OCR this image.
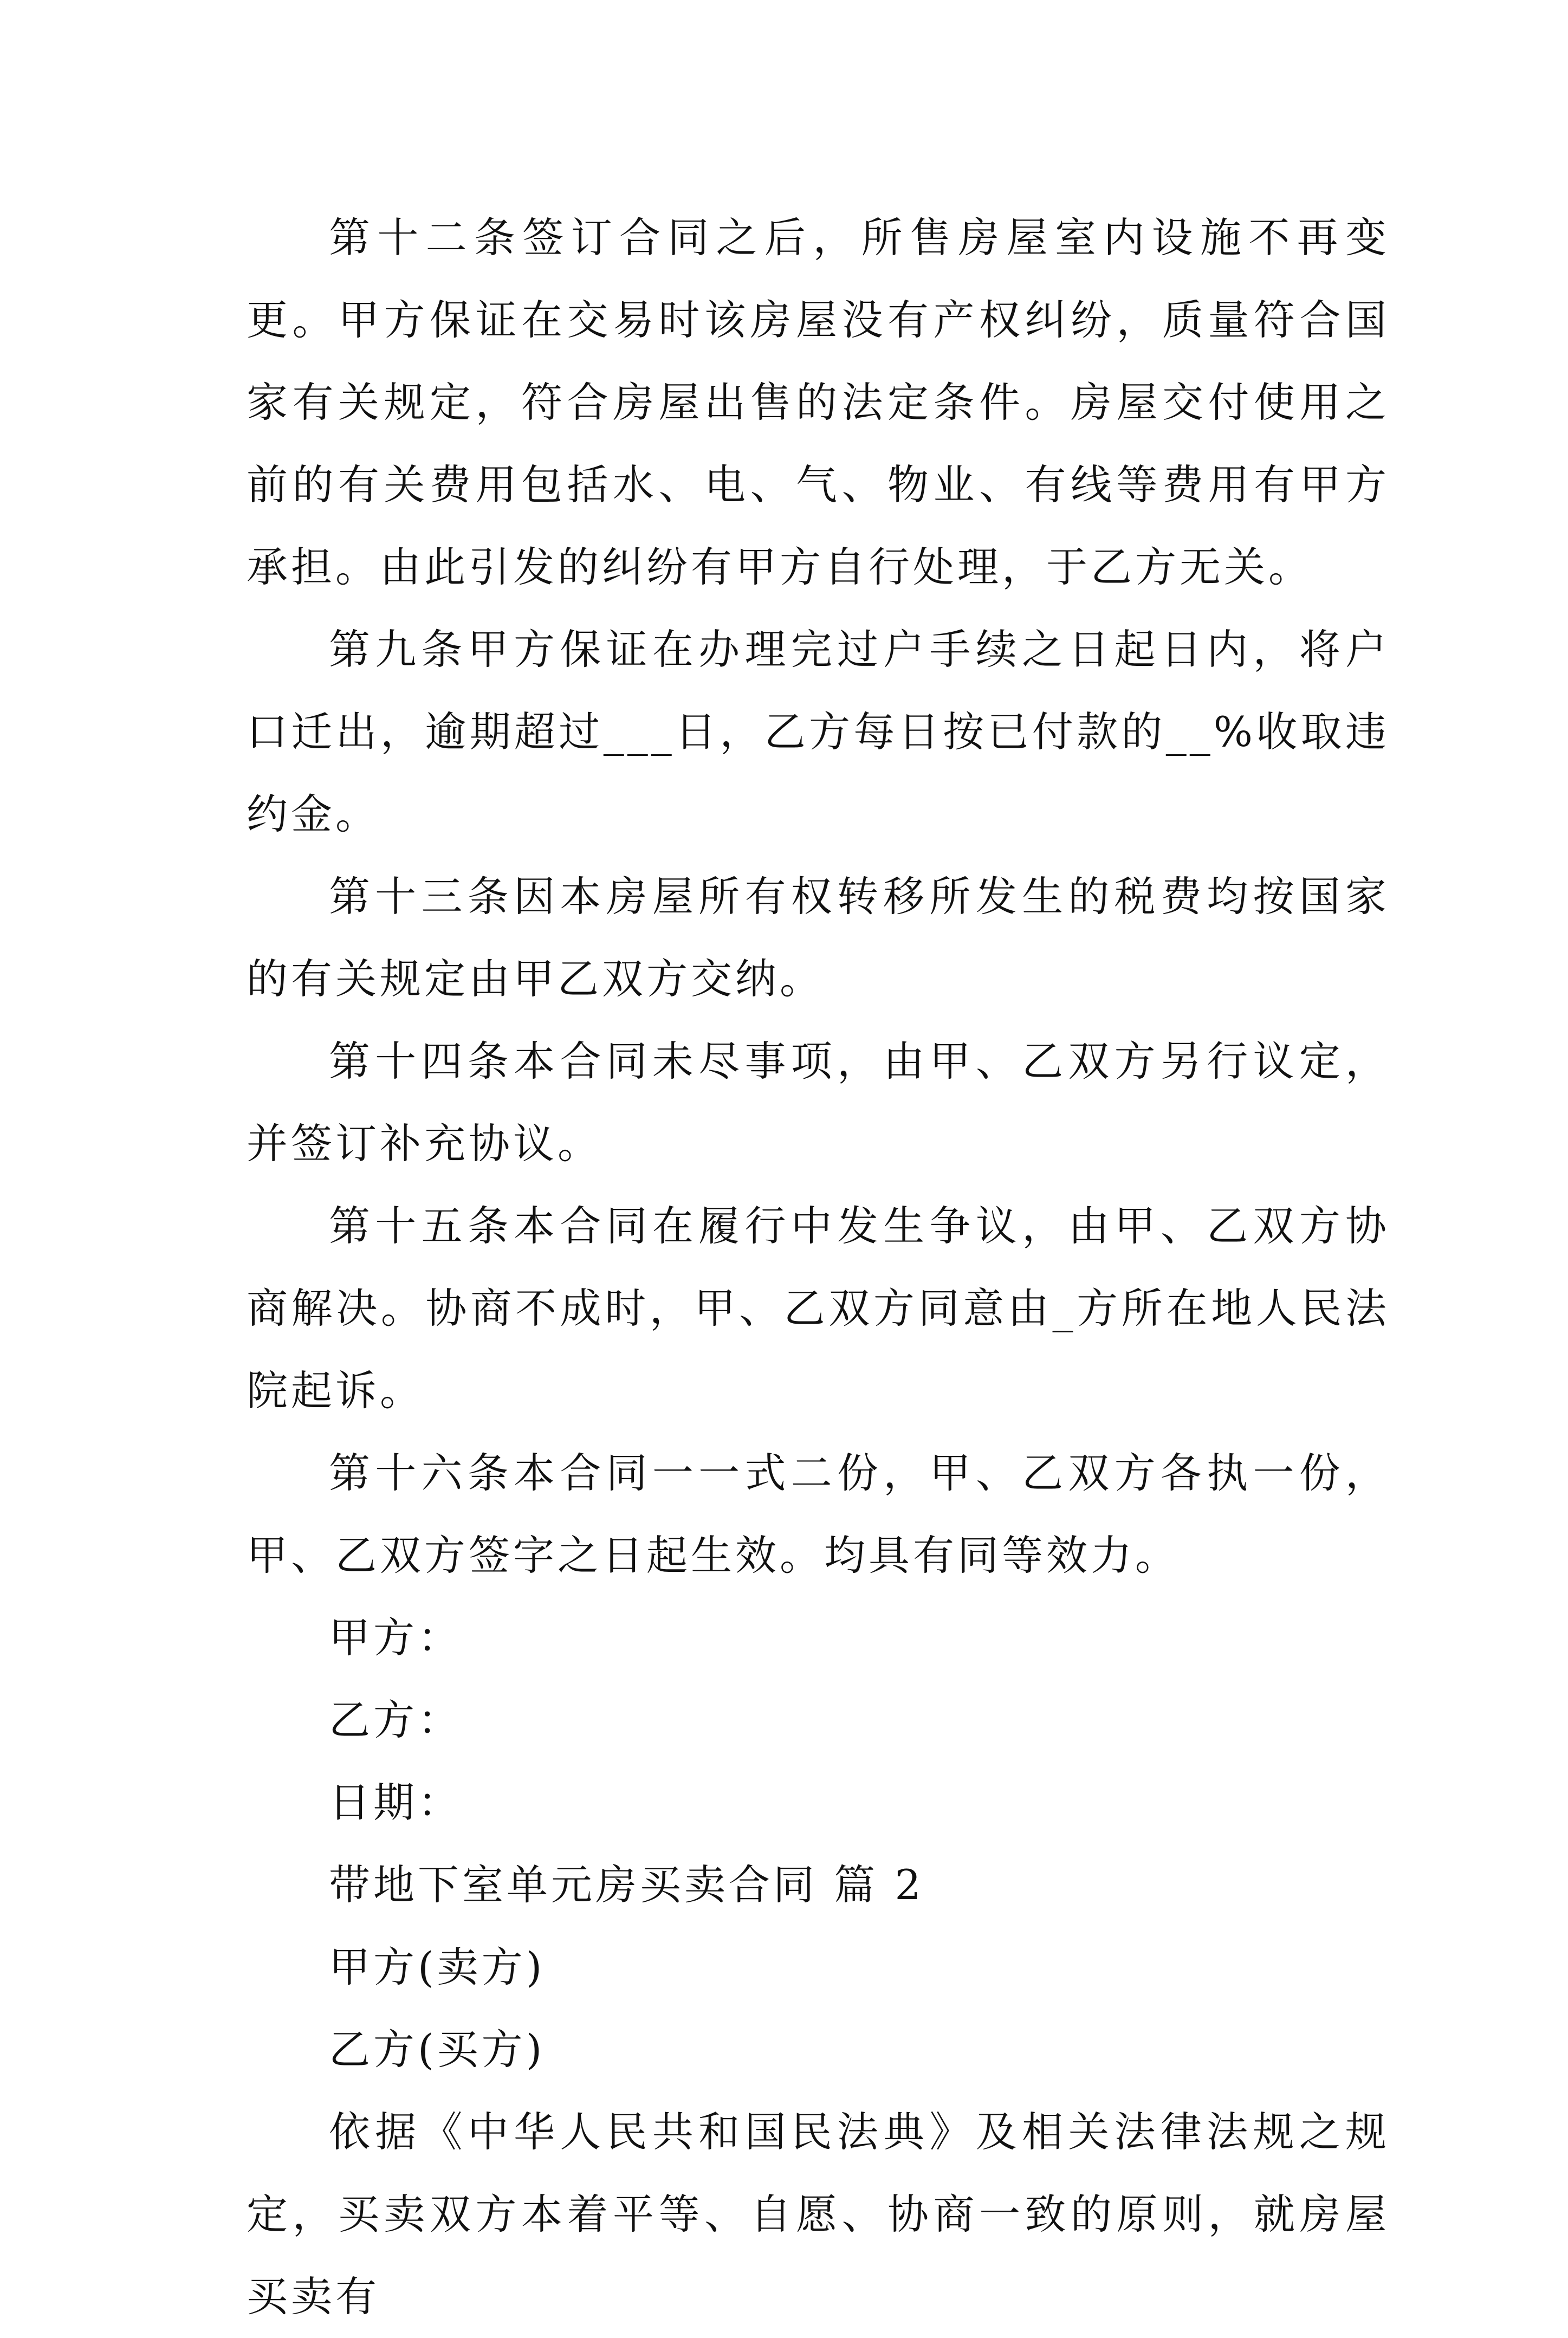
第十二条签订合同之后，所售房屋室内设施不再变更。甲方保证在交易时该房屋没有产权纠纷，质量符合国家有关规定，符合房屋出售的法定条件。房屋交付使用之前的有关费用包括水、电、气、物业、有线等费用有甲方承担。由此引发的纠纷有甲方自行处理，于乙方无关。

第九条甲方保证在办理完过户手续之日起日内，将户口迁出，逾期超过___日，乙方每日按已付款的__%收取违约金。

第十三条因本房屋所有权转移所发生的税费均按国家的有关规定由甲乙双方交纳。

第十四条本合同未尽事项，由甲、乙双方另行议定，并签订补充协议。

第十五条本合同在履行中发生争议，由甲、乙双方协商解决。协商不成时，甲、乙双方同意由_方所在地人民法院起诉。

第十六条本合同一一式二份，甲、乙双方各执一份，甲、乙双方签字之日起生效。均具有同等效力。

甲方：

乙方：

日期：

带地下室单元房买卖合同 篇 2

甲方(卖方)

乙方(买方)

依据《中华人民共和国民法典》及相关法律法规之规定，买卖双方本着平等、自愿、协商一致的原则，就房屋买卖有
